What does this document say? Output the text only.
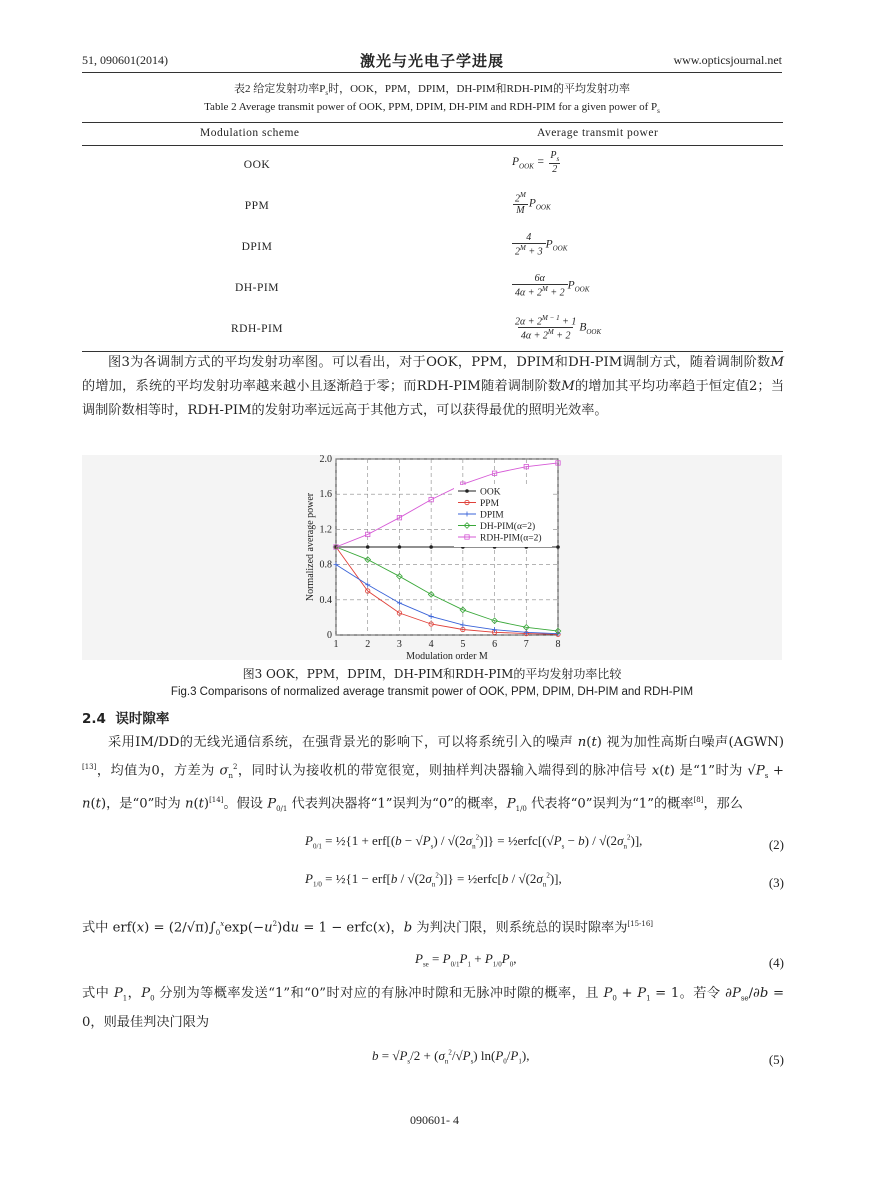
51, 090601(2014)	激光与光电子学进展	www.opticsjournal.net
表2 给定发射功率$P_s$时，OOK，PPM，DPIM，DH-PIM和RDH-PIM的平均发射功率
Table 2 Average transmit power of OOK, PPM, DPIM, DH-PIM and RDH-PIM for a given power of $P_s$
Modulation scheme	Average transmit power
OOK	$P_{OOK} = \frac{P_s}{2}$
PPM	$\frac{2^M}{M} P_{OOK}$
DPIM	$\frac{4}{2^M + 3} P_{OOK}$
DH-PIM	$\frac{6\alpha}{4\alpha + 2^M + 2} P_{OOK}$
RDH-PIM	$\frac{2\alpha + 2^{M - 1} + 1}{4\alpha + 2^M + 2} B_{OOK}$

图3为各调制方式的平均发射功率图。可以看出，对于OOK，PPM，DPIM和DH-PIM调制方式，随着调制阶数M的增加，系统的平均发射功率越来越小且逐渐趋于零；而RDH-PIM随着调制阶数M的增加其平均功率趋于恒定值2；当调制阶数相等时，RDH-PIM的发射功率远远高于其他方式，可以获得最优的照明光效率。

1	2	3	4	5	6	7	8
0
0.4
0.8
1.2
1.6
2.0
Modulation order M
Normalized average power
OOK
PPM
DPIM
DH-PIM(α=2)
RDH-PIM(α=2)
图3 OOK，PPM，DPIM，DH-PIM和RDH-PIM的平均发射功率比较
Fig.3 Comparisons of normalized average transmit power of OOK, PPM, DPIM, DH-PIM and RDH-PIM
2.4 误时隙率

采用IM/DD的无线光通信系统，在强背景光的影响下，可以将系统引入的噪声 n(t) 视为加性高斯白噪声(AGWN)[13]，均值为0，方差为 $\sigma_n^2$，同时认为接收机的带宽很宽，则抽样判决器输入端得到的脉冲信号 x(t) 是“1”时为 $√P_s + n(t)$，是“0”时为 n(t)[14]。假设 $P_{0/1}$ 代表判决器将“1”误判为“0”的概率，$P_{1/0}$ 代表将“0”误判为“1”的概率[8]，那么

$P_{0/1}$ = ½{1 + $erf[(b - √P_s) / √(2\sigma_n^2)]$} = $\frac{1}{2}erfc[(√P_s - b) / √(2\sigma_n^2)]$,	(2)
$P_{1/0}$ = ½{1 − $erf[b / √(2\sigma_n^2)]$} = ½erfc[b / $√(2\sigma_n^2)$],	(3)
式中 $erf(x) = (2/√\pi)\int_0^x\exp(-u^2)du = 1$ − erfc(x)，b 为判决门限，则系统总的误时隙率为[15-16]
$P_{se} = P_{0/1}P_1 + P_{1/0}P_0$,	(4)
式中 $P_1$，$P_0$ 分别为等概率发送“1”和“0”时对应的有脉冲时隙和无脉冲时隙的概率，且 $P_0 + P_1 = 1$。若令 $\partial P_{se}/\partial b = 0$，则最佳判决门限为
$b = √P_s/2 + (\sigma_n^2/√P_s)$ $\ln(P_0/P_1)$,	(5)
090601- 4
